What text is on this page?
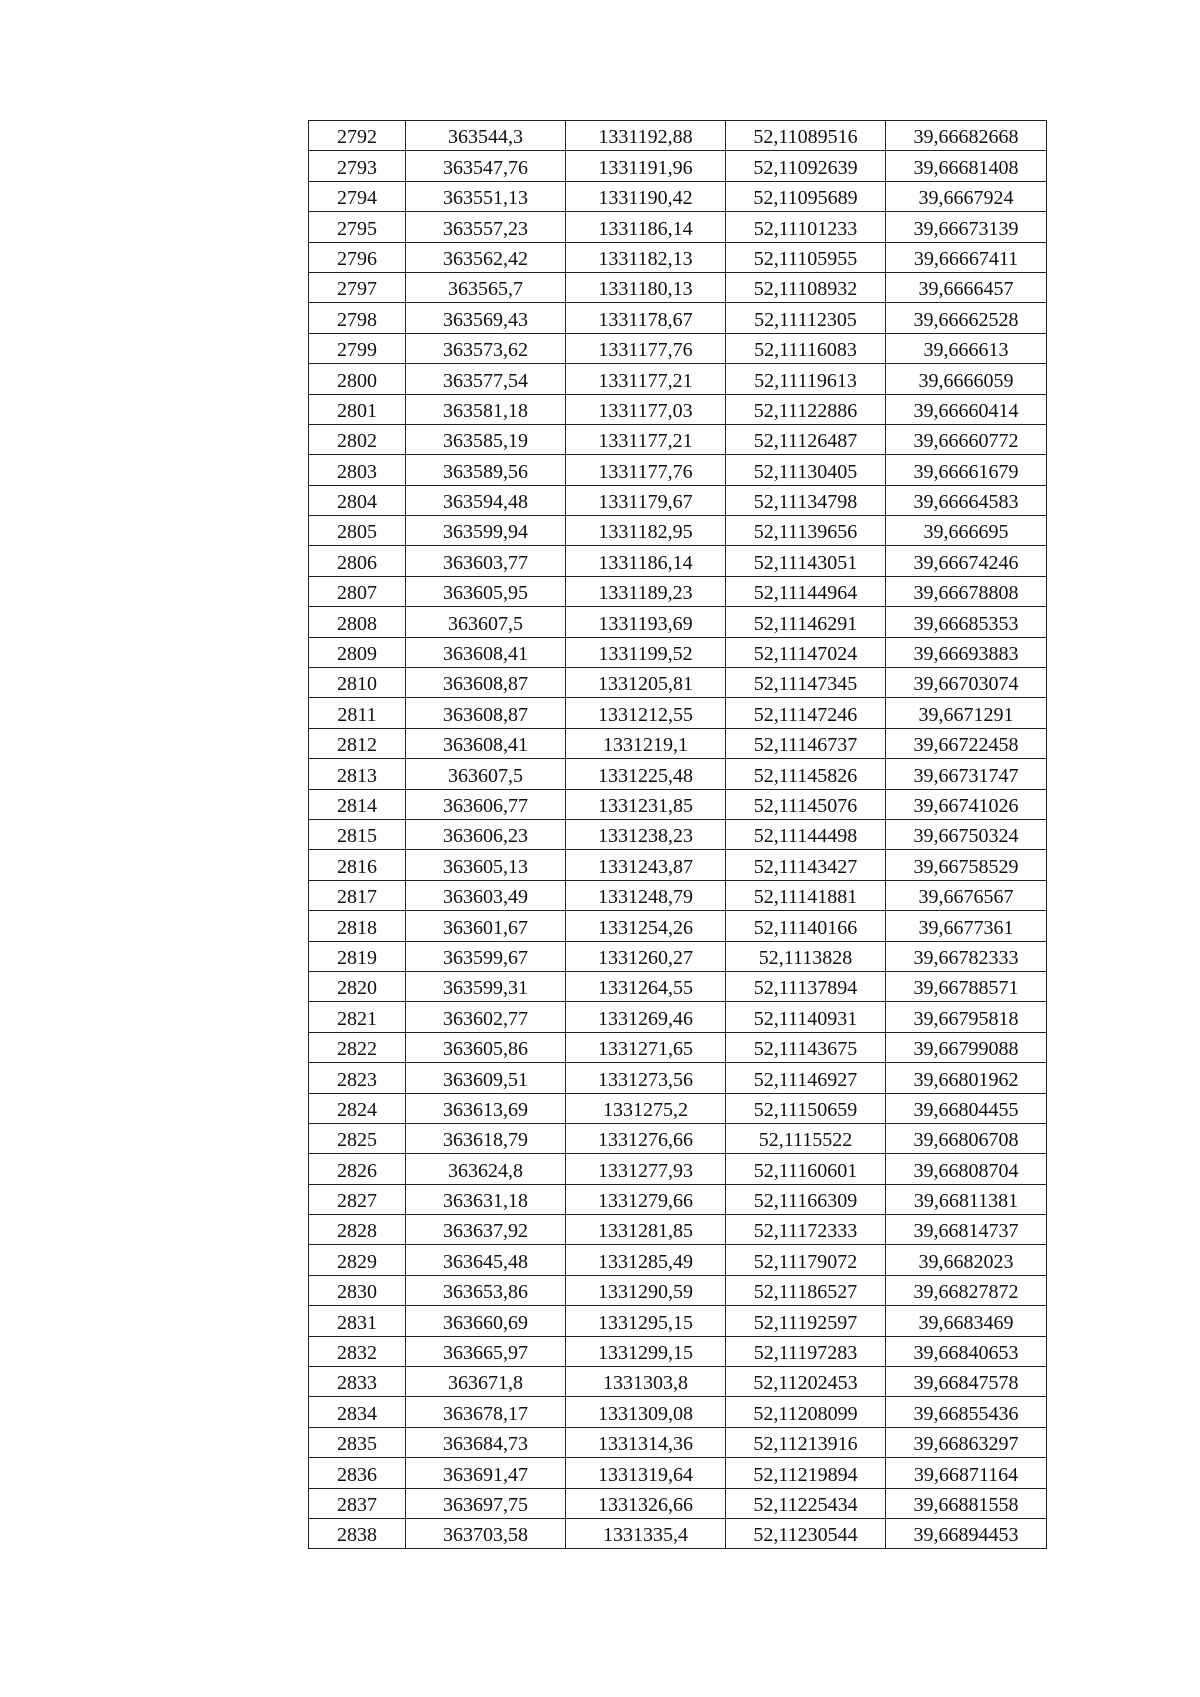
2792	363544,3	1331192,88	52,11089516	39,66682668
2793	363547,76	1331191,96	52,11092639	39,66681408
2794	363551,13	1331190,42	52,11095689	39,6667924
2795	363557,23	1331186,14	52,11101233	39,66673139
2796	363562,42	1331182,13	52,11105955	39,66667411
2797	363565,7	1331180,13	52,11108932	39,6666457
2798	363569,43	1331178,67	52,11112305	39,66662528
2799	363573,62	1331177,76	52,11116083	39,666613
2800	363577,54	1331177,21	52,11119613	39,6666059
2801	363581,18	1331177,03	52,11122886	39,66660414
2802	363585,19	1331177,21	52,11126487	39,66660772
2803	363589,56	1331177,76	52,11130405	39,66661679
2804	363594,48	1331179,67	52,11134798	39,66664583
2805	363599,94	1331182,95	52,11139656	39,666695
2806	363603,77	1331186,14	52,11143051	39,66674246
2807	363605,95	1331189,23	52,11144964	39,66678808
2808	363607,5	1331193,69	52,11146291	39,66685353
2809	363608,41	1331199,52	52,11147024	39,66693883
2810	363608,87	1331205,81	52,11147345	39,66703074
2811	363608,87	1331212,55	52,11147246	39,6671291
2812	363608,41	1331219,1	52,11146737	39,66722458
2813	363607,5	1331225,48	52,11145826	39,66731747
2814	363606,77	1331231,85	52,11145076	39,66741026
2815	363606,23	1331238,23	52,11144498	39,66750324
2816	363605,13	1331243,87	52,11143427	39,66758529
2817	363603,49	1331248,79	52,11141881	39,6676567
2818	363601,67	1331254,26	52,11140166	39,6677361
2819	363599,67	1331260,27	52,1113828	39,66782333
2820	363599,31	1331264,55	52,11137894	39,66788571
2821	363602,77	1331269,46	52,11140931	39,66795818
2822	363605,86	1331271,65	52,11143675	39,66799088
2823	363609,51	1331273,56	52,11146927	39,66801962
2824	363613,69	1331275,2	52,11150659	39,66804455
2825	363618,79	1331276,66	52,1115522	39,66806708
2826	363624,8	1331277,93	52,11160601	39,66808704
2827	363631,18	1331279,66	52,11166309	39,66811381
2828	363637,92	1331281,85	52,11172333	39,66814737
2829	363645,48	1331285,49	52,11179072	39,6682023
2830	363653,86	1331290,59	52,11186527	39,66827872
2831	363660,69	1331295,15	52,11192597	39,6683469
2832	363665,97	1331299,15	52,11197283	39,66840653
2833	363671,8	1331303,8	52,11202453	39,66847578
2834	363678,17	1331309,08	52,11208099	39,66855436
2835	363684,73	1331314,36	52,11213916	39,66863297
2836	363691,47	1331319,64	52,11219894	39,66871164
2837	363697,75	1331326,66	52,11225434	39,66881558
2838	363703,58	1331335,4	52,11230544	39,66894453
